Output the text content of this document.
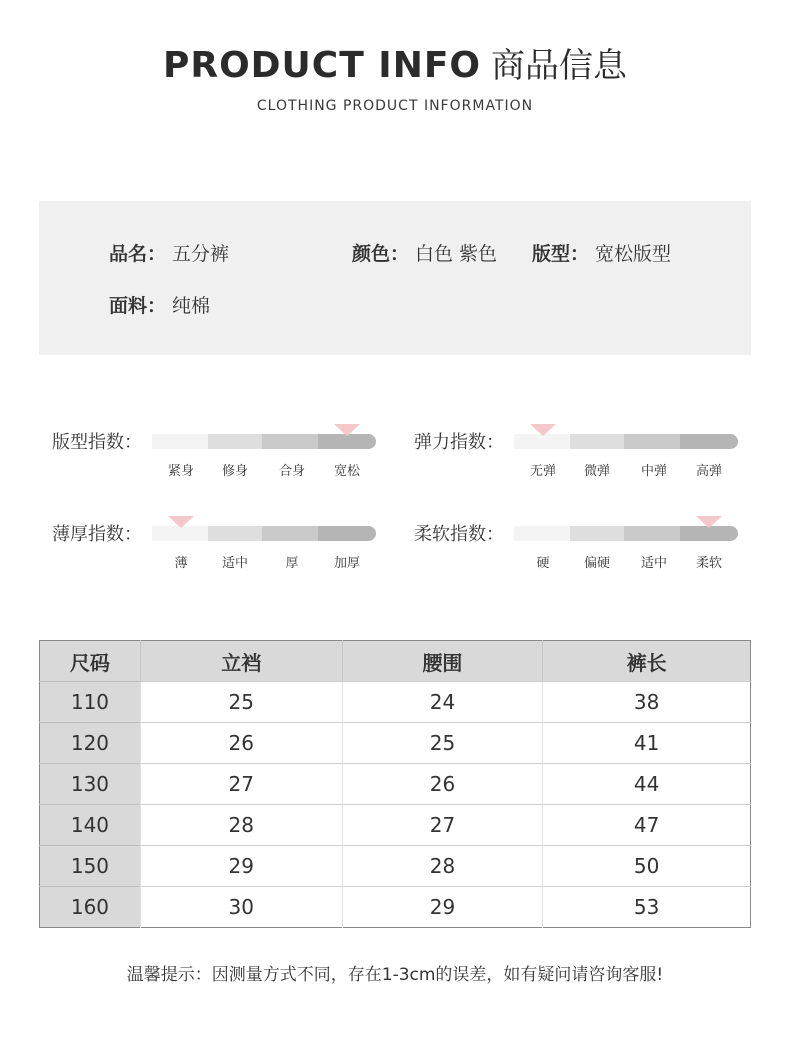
PRODUCT INFO 商品信息
CLOTHING PRODUCT INFORMATION
品名： 五分裤	颜色： 白色 紫色 版型： 宽松版型
面料： 纯棉
版型指数：
紧身	修身	合身	宽松
弹力指数：
无弹	微弹	中弹	高弹
薄厚指数：
薄	适中	厚	加厚
柔软指数：
硬	偏硬	适中	柔软
尺码	立裆	腰围	裤长
110	25	24	38
120	26	25	41
130	27	26	44
140	28	27	47
150	29	28	50
160	30	29	53
温馨提示：因测量方式不同，存在1-3cm的误差，如有疑问请咨询客服!
